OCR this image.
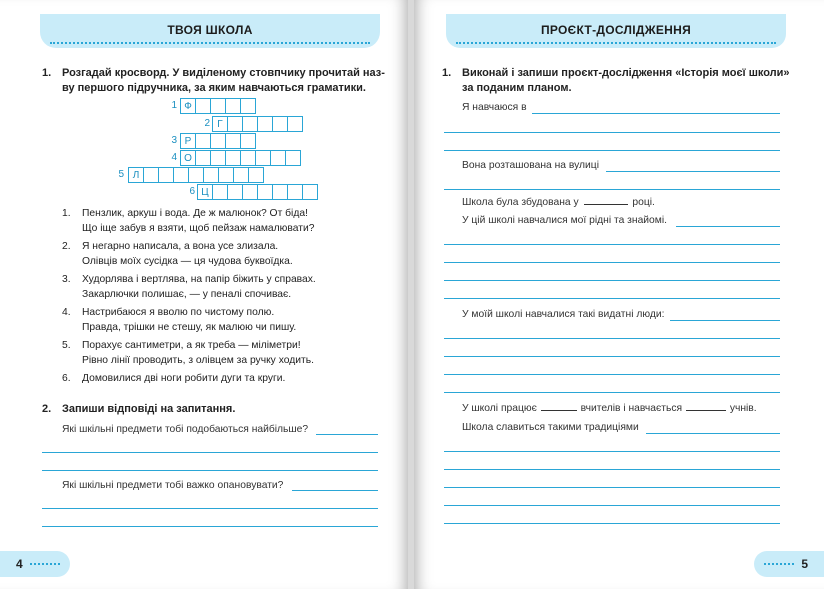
ТВОЯ ШКОЛА
1. Розгадай кросворд. У виділеному стовпчику прочитай наз-
ву першого підручника, за яким навчаються граматики.
1 Ф
2 Г
3 Р
4 О
5 Л
6 Ц
1. Пензлик, аркуш і вода. Де ж малюнок? От біда!
Що іще забув я взяти, щоб пейзаж намалювати?
2. Я негарно написала, а вона усе злизала.
Олівців моїх сусідка — ця чудова буквоїдка.
3. Худорлява і вертлява, на папір біжить у справах.
Закарлючки полишає, — у пеналі спочиває.
4. Настрибаюся я вволю по чистому полю.
Правда, трішки не стешу, як малюю чи пишу.
5. Порахує сантиметри, а як треба — міліметри!
Рівно лінії проводить, з олівцем за ручку ходить.
6. Домовилися дві ноги робити дуги та круги.
2. Запиши відповіді на запитання.
Які шкільні предмети тобі подобаються найбільше?
Які шкільні предмети тобі важко опановувати?
4
ПРОЄКТ-ДОСЛІДЖЕННЯ
1. Виконай і запиши проєкт-дослідження «Історія моєї школи»
за поданим планом.
Я навчаюся в
Вона розташована на вулиці
Школа була збудована у	році.
У цій школі навчалися мої рідні та знайомі.
У моїй школі навчалися такі видатні люди:
У школі працює	вчителів і навчається	учнів.
Школа славиться такими традиціями
5
